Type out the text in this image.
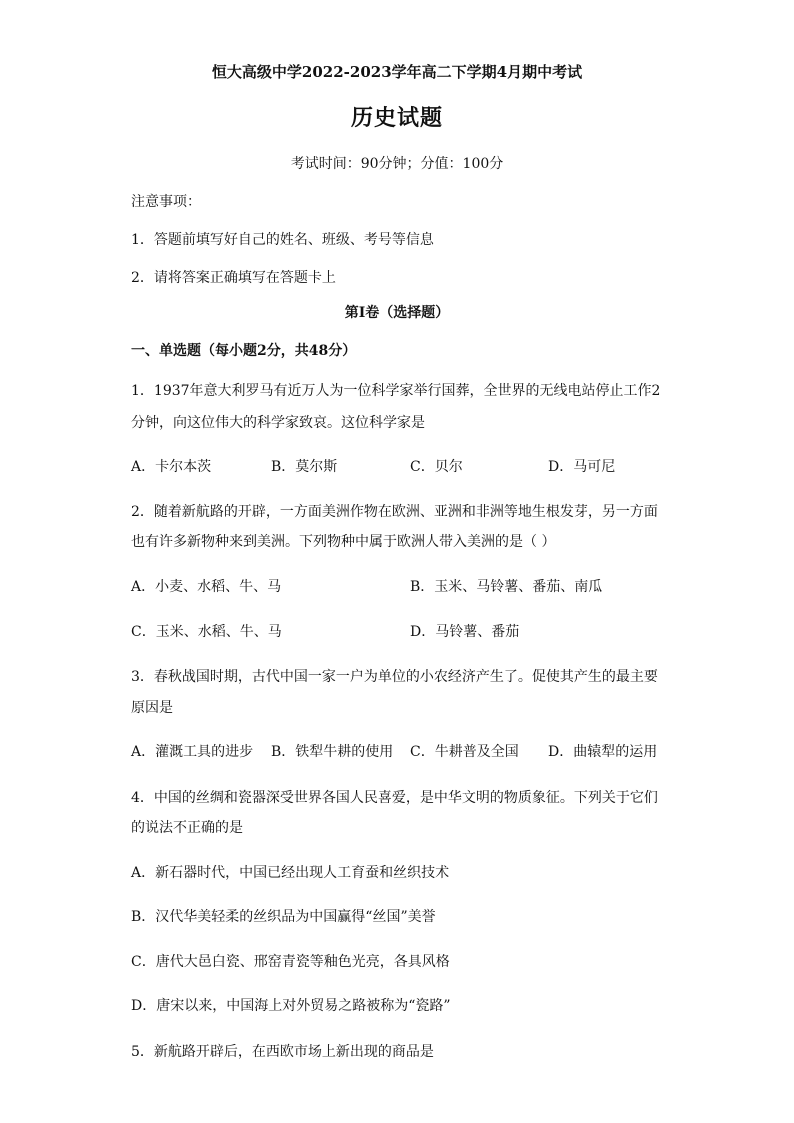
恒大高级中学2022-2023学年高二下学期4月期中考试
历史试题
考试时间：90分钟；分值：100分
注意事项：
1．答题前填写好自己的姓名、班级、考号等信息
2．请将答案正确填写在答题卡上
第I卷（选择题）
一、单选题（每小题2分，共48分）
1．1937年意大利罗马有近万人为一位科学家举行国葬，全世界的无线电站停止工作2
分钟，向这位伟大的科学家致哀。这位科学家是
A．卡尔本茨	B．莫尔斯	C．贝尔	D．马可尼
2．随着新航路的开辟，一方面美洲作物在欧洲、亚洲和非洲等地生根发芽，另一方面
也有许多新物种来到美洲。下列物种中属于欧洲人带入美洲的是（ ）
A．小麦、水稻、牛、马	B．玉米、马铃薯、番茄、南瓜
C．玉米、水稻、牛、马	D．马铃薯、番茄
3．春秋战国时期，古代中国一家一户为单位的小农经济产生了。促使其产生的最主要
原因是
A．灌溉工具的进步 B．铁犁牛耕的使用 C．牛耕普及全国 D．曲辕犁的运用
4．中国的丝绸和瓷器深受世界各国人民喜爱，是中华文明的物质象征。下列关于它们
的说法不正确的是
A．新石器时代，中国已经出现人工育蚕和丝织技术
B．汉代华美轻柔的丝织品为中国赢得“丝国”美誉
C．唐代大邑白瓷、邢窑青瓷等釉色光亮，各具风格
D．唐宋以来，中国海上对外贸易之路被称为“瓷路”
5．新航路开辟后，在西欧市场上新出现的商品是
